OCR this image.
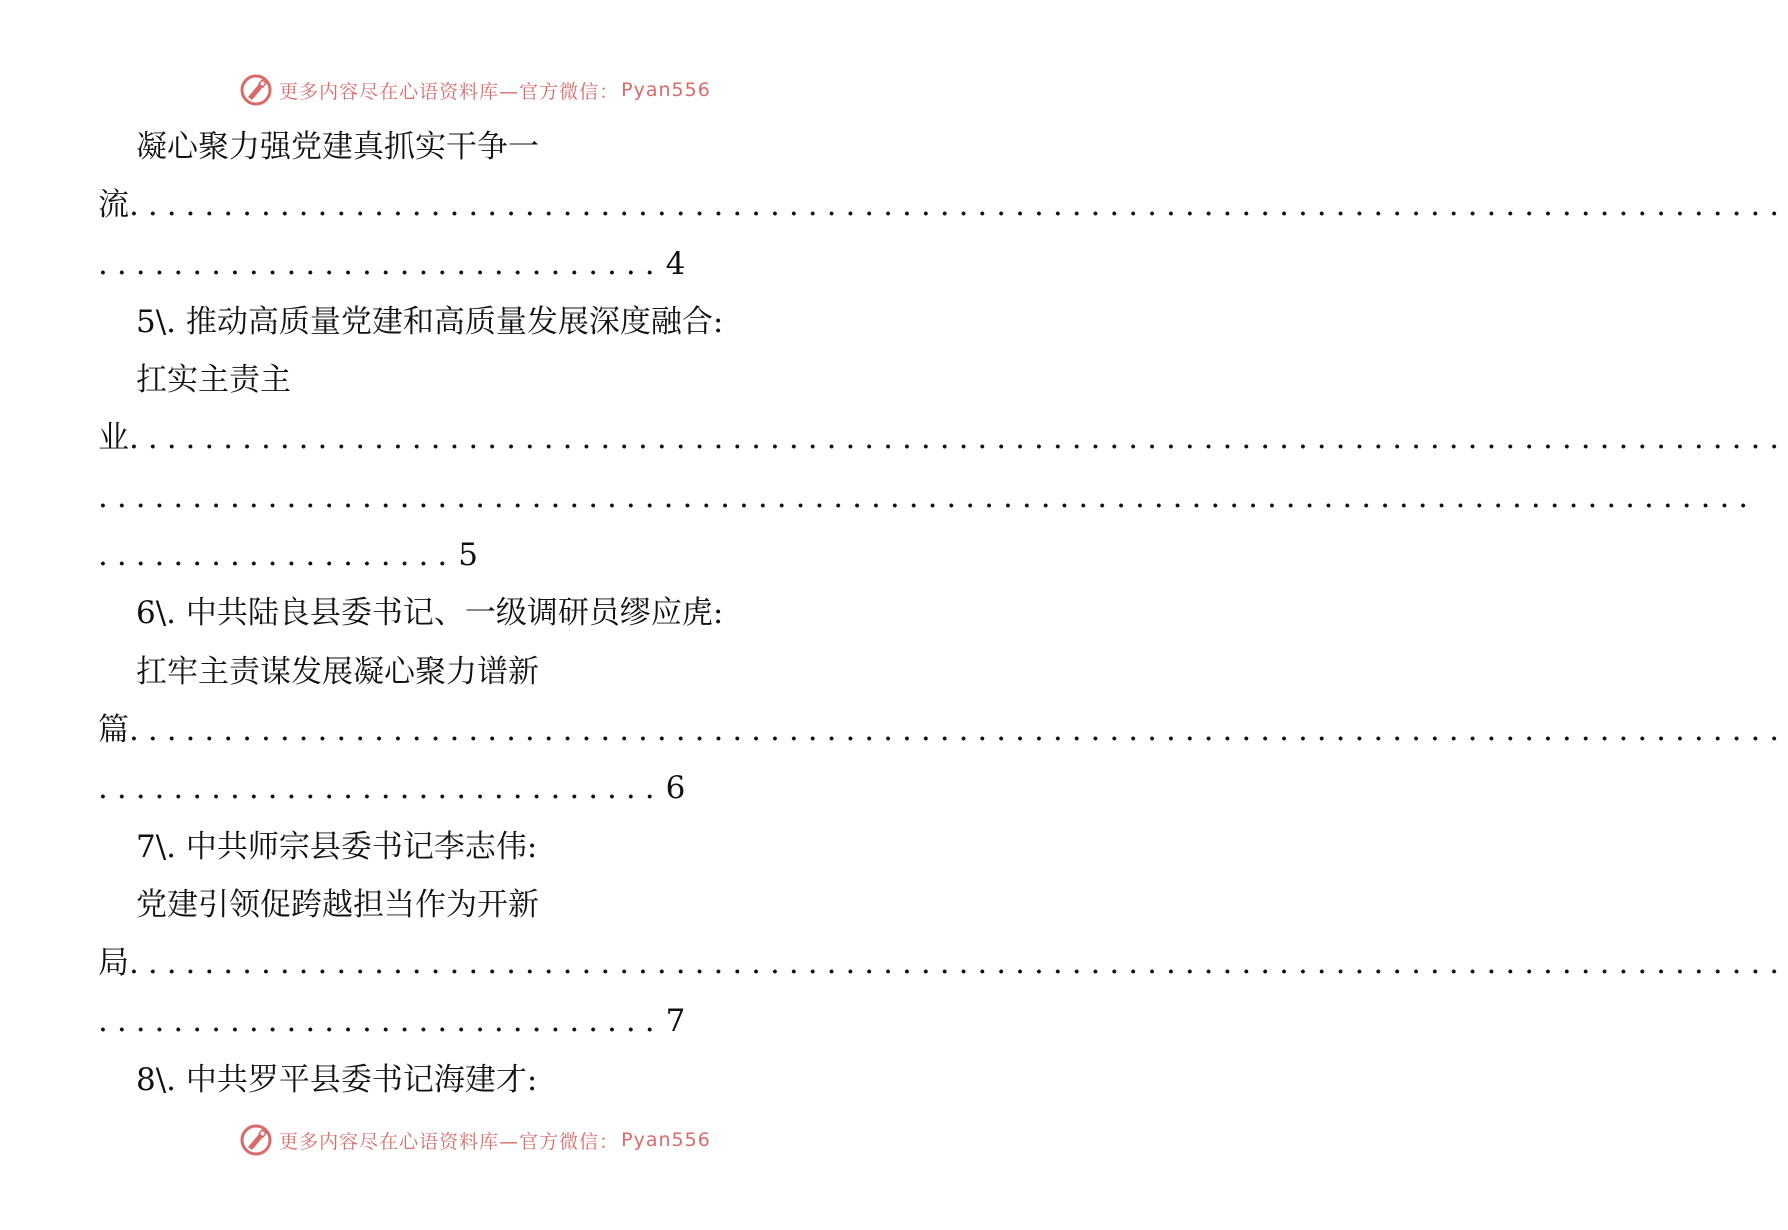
更多内容尽在心语资料库—官方微信： Pyan556
凝心聚力强党建真抓实干争一
流 ........................................................................................
.............................. 4
5\. 推动高质量党建和高质量发展深度融合:
扛实主责主
业 ........................................................................................
........................................................................................
................... 5
6\. 中共陆良县委书记、一级调研员缪应虎:
扛牢主责谋发展凝心聚力谱新
篇 ........................................................................................
.............................. 6
7\. 中共师宗县委书记李志伟:
党建引领促跨越担当作为开新
局 ........................................................................................
.............................. 7
8\. 中共罗平县委书记海建才:
更多内容尽在心语资料库—官方微信： Pyan556
